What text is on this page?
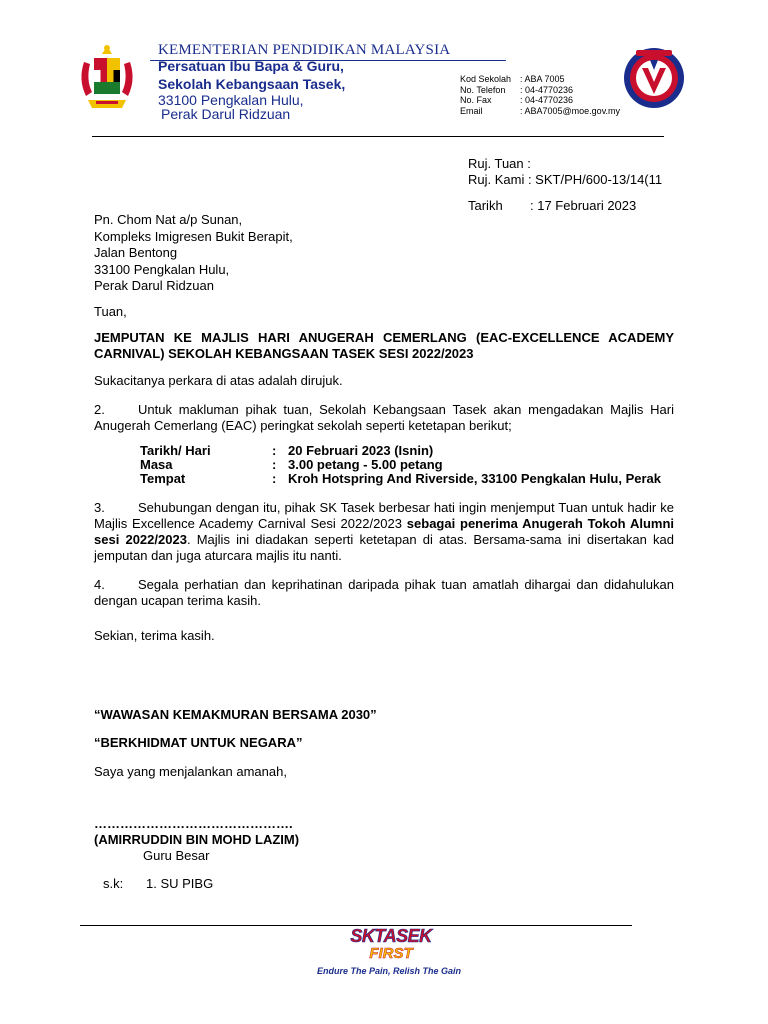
KEMENTERIAN PENDIDIKAN MALAYSIA
Persatuan Ibu Bapa & Guru,
Sekolah Kebangsaan Tasek,
33100 Pengkalan Hulu,
Perak Darul Ridzuan
Kod Sekolah : ABA 7005
No. Telefon : 04-4770236
No. Fax	: 04-4770236
Email	: ABA7005@moe.gov.my
Ruj. Tuan :
Ruj. Kami : SKT/PH/600-13/14(11
Tarikh : 17 Februari 2023
Pn. Chom Nat a/p Sunan,
Kompleks Imigresen Bukit Berapit,
Jalan Bentong
33100 Pengkalan Hulu,
Perak Darul Ridzuan
Tuan,
JEMPUTAN KE MAJLIS HARI ANUGERAH CEMERLANG (EAC-EXCELLENCE ACADEMY CARNIVAL) SEKOLAH KEBANGSAAN TASEK SESI 2022/2023
Sukacitanya perkara di atas adalah dirujuk.
2.	Untuk makluman pihak tuan, Sekolah Kebangsaan Tasek akan mengadakan Majlis Hari Anugerah Cemerlang (EAC) peringkat sekolah seperti ketetapan berikut;
Tarikh/ Hari	: 20 Februari 2023 (Isnin)
Masa	: 3.00 petang - 5.00 petang
Tempat	: Kroh Hotspring And Riverside, 33100 Pengkalan Hulu, Perak
3.	Sehubungan dengan itu, pihak SK Tasek berbesar hati ingin menjemput Tuan untuk hadir ke Majlis Excellence Academy Carnival Sesi 2022/2023 sebagai penerima Anugerah Tokoh Alumni sesi 2022/2023. Majlis ini diadakan seperti ketetapan di atas. Bersama-sama ini disertakan kad jemputan dan juga aturcara majlis itu nanti.
4.	Segala perhatian dan keprihatinan daripada pihak tuan amatlah dihargai dan didahulukan dengan ucapan terima kasih.
Sekian, terima kasih.
“WAWASAN KEMAKMURAN BERSAMA 2030”
“BERKHIDMAT UNTUK NEGARA”
Saya yang menjalankan amanah,
……………………………………….
(AMIRRUDDIN BIN MOHD LAZIM)
Guru Besar
s.k: 1. SU PIBG
SKTASEK
FIRST
Endure The Pain, Relish The Gain
